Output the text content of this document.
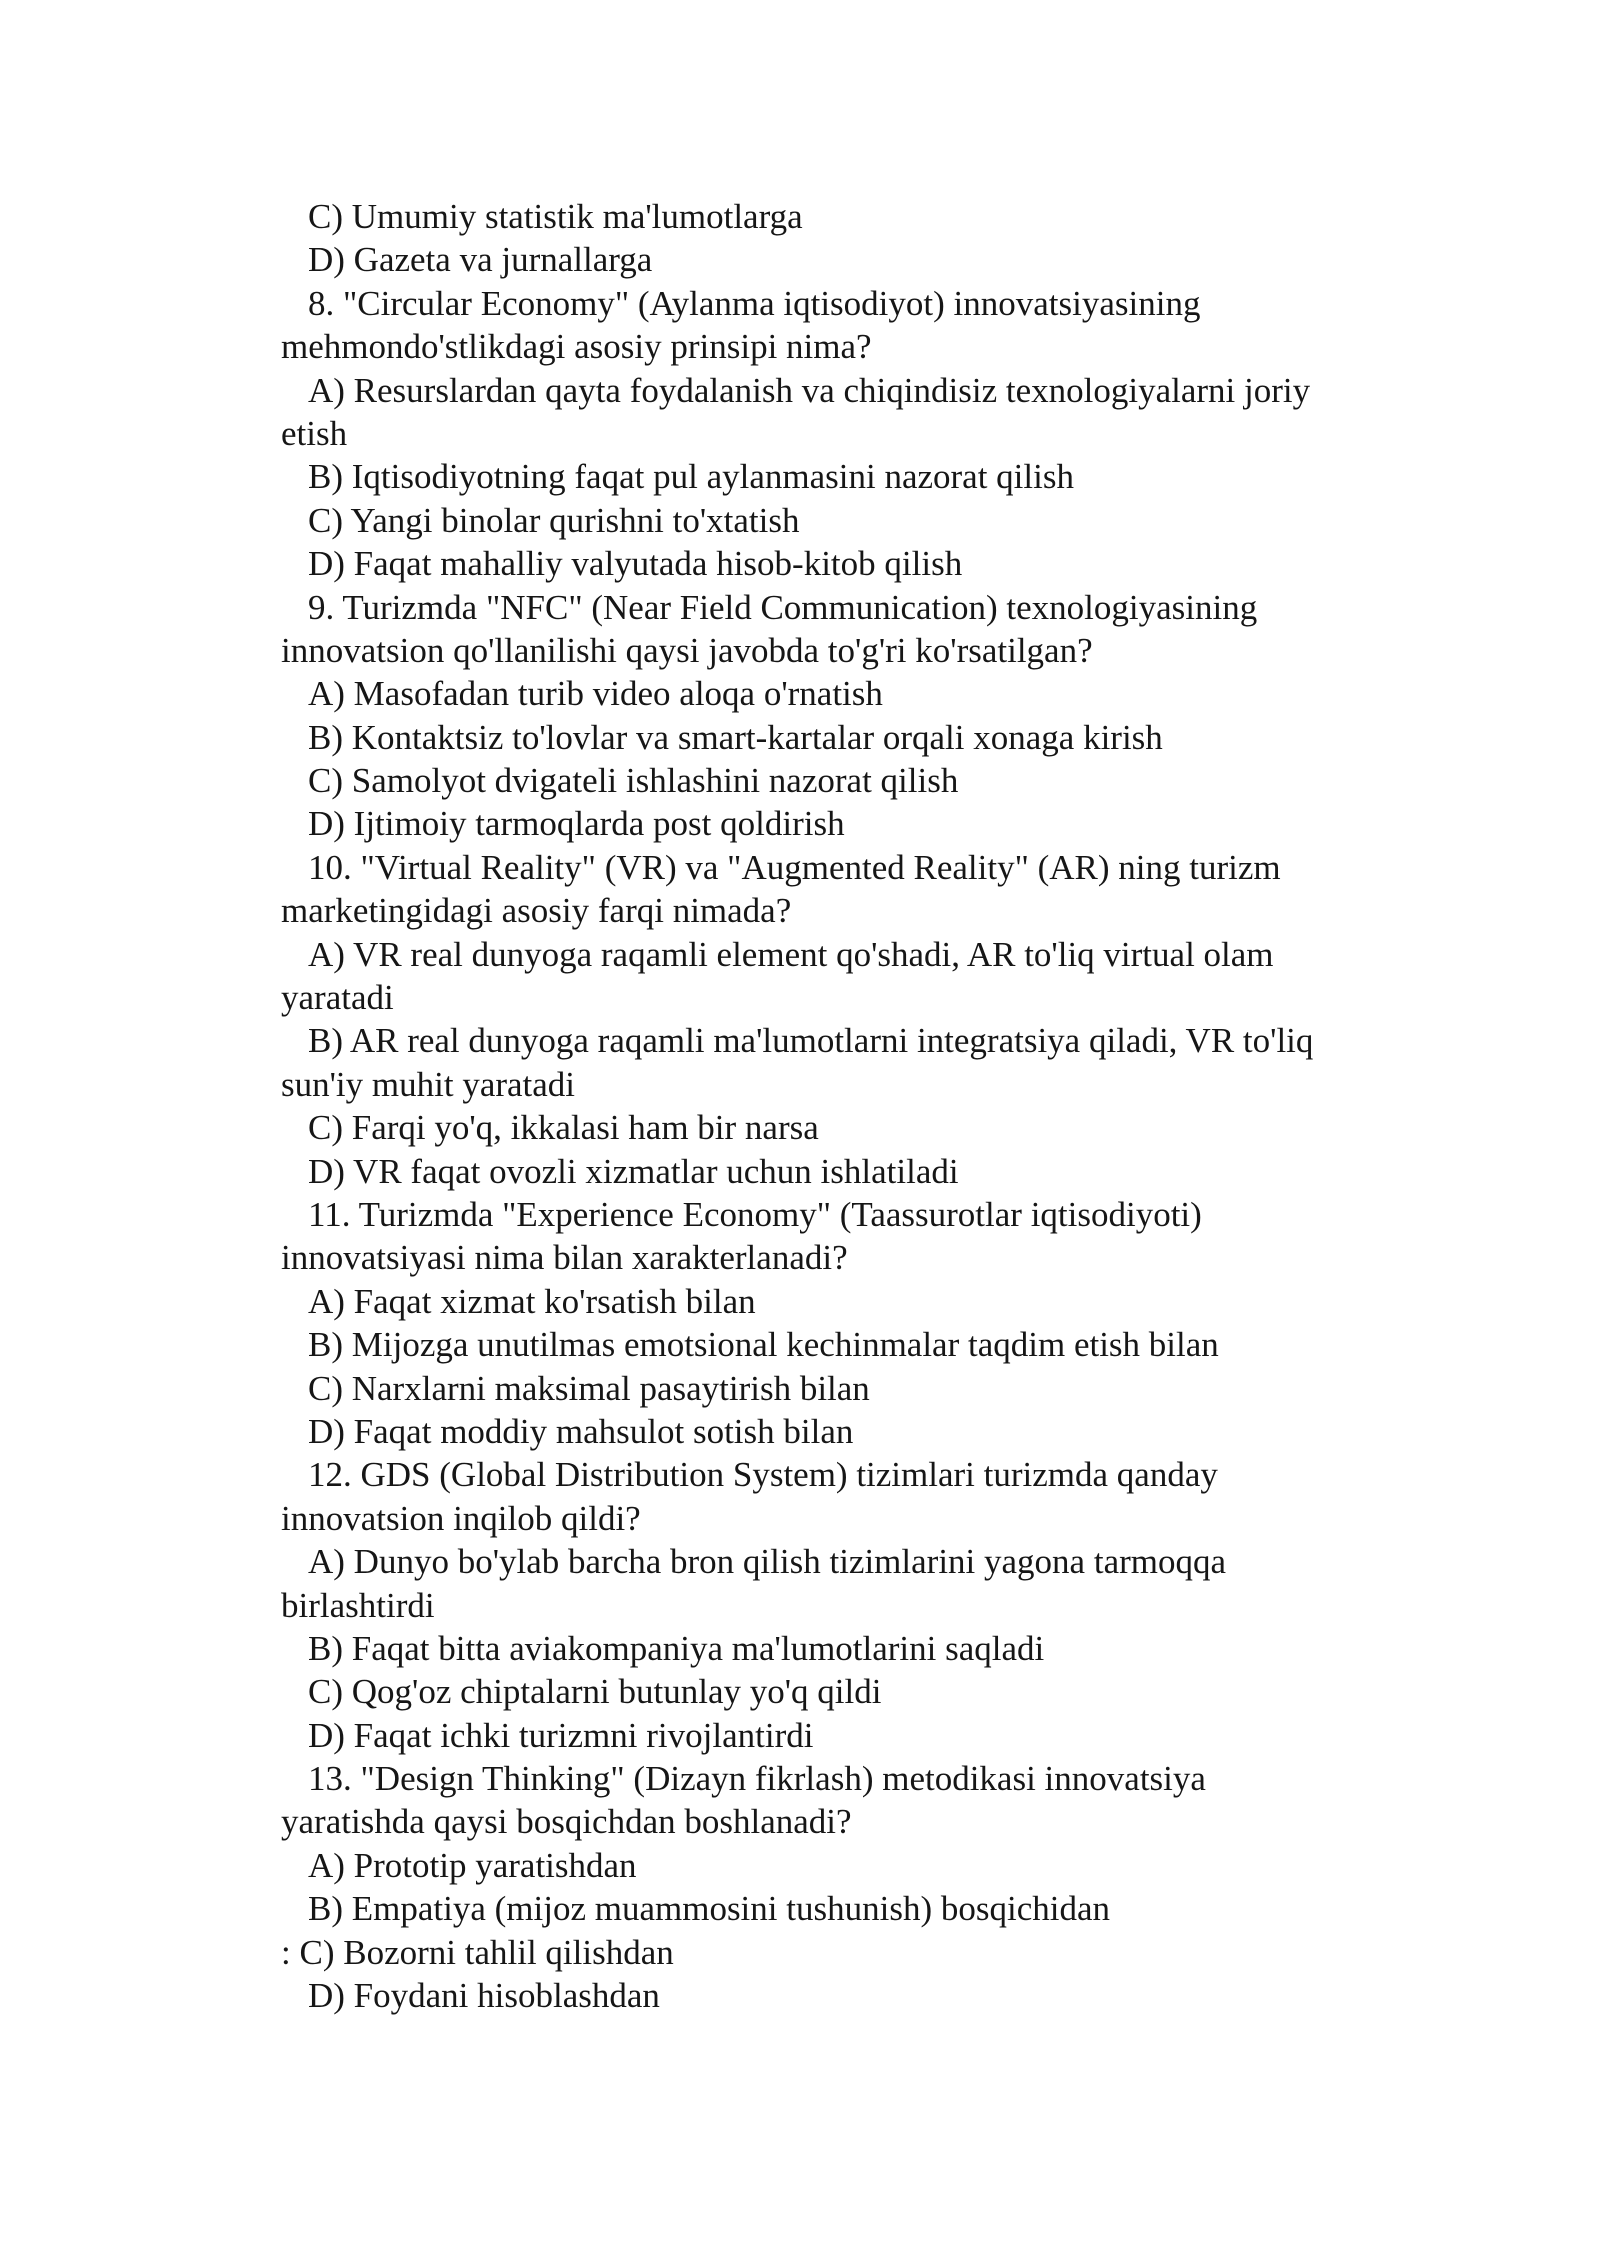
C) Umumiy statistik ma'lumotlarga
D) Gazeta va jurnallarga
8. "Circular Economy" (Aylanma iqtisodiyot) innovatsiyasining
mehmondo'stlikdagi asosiy prinsipi nima?
A) Resurslardan qayta foydalanish va chiqindisiz texnologiyalarni joriy
etish
B) Iqtisodiyotning faqat pul aylanmasini nazorat qilish
C) Yangi binolar qurishni to'xtatish
D) Faqat mahalliy valyutada hisob-kitob qilish
9. Turizmda "NFC" (Near Field Communication) texnologiyasining
innovatsion qo'llanilishi qaysi javobda to'g'ri ko'rsatilgan?
A) Masofadan turib video aloqa o'rnatish
B) Kontaktsiz to'lovlar va smart-kartalar orqali xonaga kirish
C) Samolyot dvigateli ishlashini nazorat qilish
D) Ijtimoiy tarmoqlarda post qoldirish
10. "Virtual Reality" (VR) va "Augmented Reality" (AR) ning turizm
marketingidagi asosiy farqi nimada?
A) VR real dunyoga raqamli element qo'shadi, AR to'liq virtual olam
yaratadi
B) AR real dunyoga raqamli ma'lumotlarni integratsiya qiladi, VR to'liq
sun'iy muhit yaratadi
C) Farqi yo'q, ikkalasi ham bir narsa
D) VR faqat ovozli xizmatlar uchun ishlatiladi
11. Turizmda "Experience Economy" (Taassurotlar iqtisodiyoti)
innovatsiyasi nima bilan xarakterlanadi?
A) Faqat xizmat ko'rsatish bilan
B) Mijozga unutilmas emotsional kechinmalar taqdim etish bilan
C) Narxlarni maksimal pasaytirish bilan
D) Faqat moddiy mahsulot sotish bilan
12. GDS (Global Distribution System) tizimlari turizmda qanday
innovatsion inqilob qildi?
A) Dunyo bo'ylab barcha bron qilish tizimlarini yagona tarmoqqa
birlashtirdi
B) Faqat bitta aviakompaniya ma'lumotlarini saqladi
C) Qog'oz chiptalarni butunlay yo'q qildi
D) Faqat ichki turizmni rivojlantirdi
13. "Design Thinking" (Dizayn fikrlash) metodikasi innovatsiya
yaratishda qaysi bosqichdan boshlanadi?
A) Prototip yaratishdan
B) Empatiya (mijoz muammosini tushunish) bosqichidan
: C) Bozorni tahlil qilishdan
D) Foydani hisoblashdan
